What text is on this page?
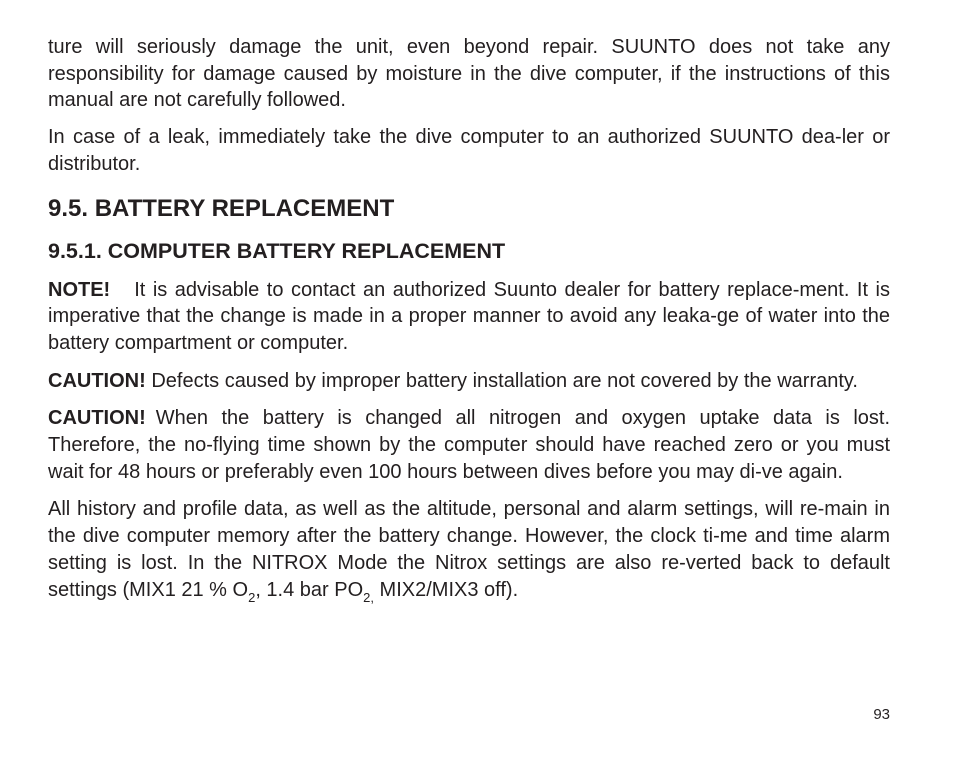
ture will seriously damage the unit, even beyond repair. SUUNTO does not take any responsibility for damage caused by moisture in the dive computer, if the instructions of this manual are not carefully followed.

In case of a leak, immediately take the dive computer to an authorized SUUNTO dea-ler or distributor.

9.5. BATTERY REPLACEMENT
9.5.1. COMPUTER BATTERY REPLACEMENT

NOTE! It is advisable to contact an authorized Suunto dealer for battery replace-ment. It is imperative that the change is made in a proper manner to avoid any leaka-ge of water into the battery compartment or computer.

CAUTION! Defects caused by improper battery installation are not covered by the warranty.

CAUTION! When the battery is changed all nitrogen and oxygen uptake data is lost. Therefore, the no-flying time shown by the computer should have reached zero or you must wait for 48 hours or preferably even 100 hours between dives before you may di-ve again.

All history and profile data, as well as the altitude, personal and alarm settings, will re-main in the dive computer memory after the battery change. However, the clock ti-me and time alarm setting is lost. In the NITROX Mode the Nitrox settings are also re-verted back to default settings (MIX1 21 % $O_2$, 1.4 bar $PO_{2,}$ MIX2/MIX3 off).

93
